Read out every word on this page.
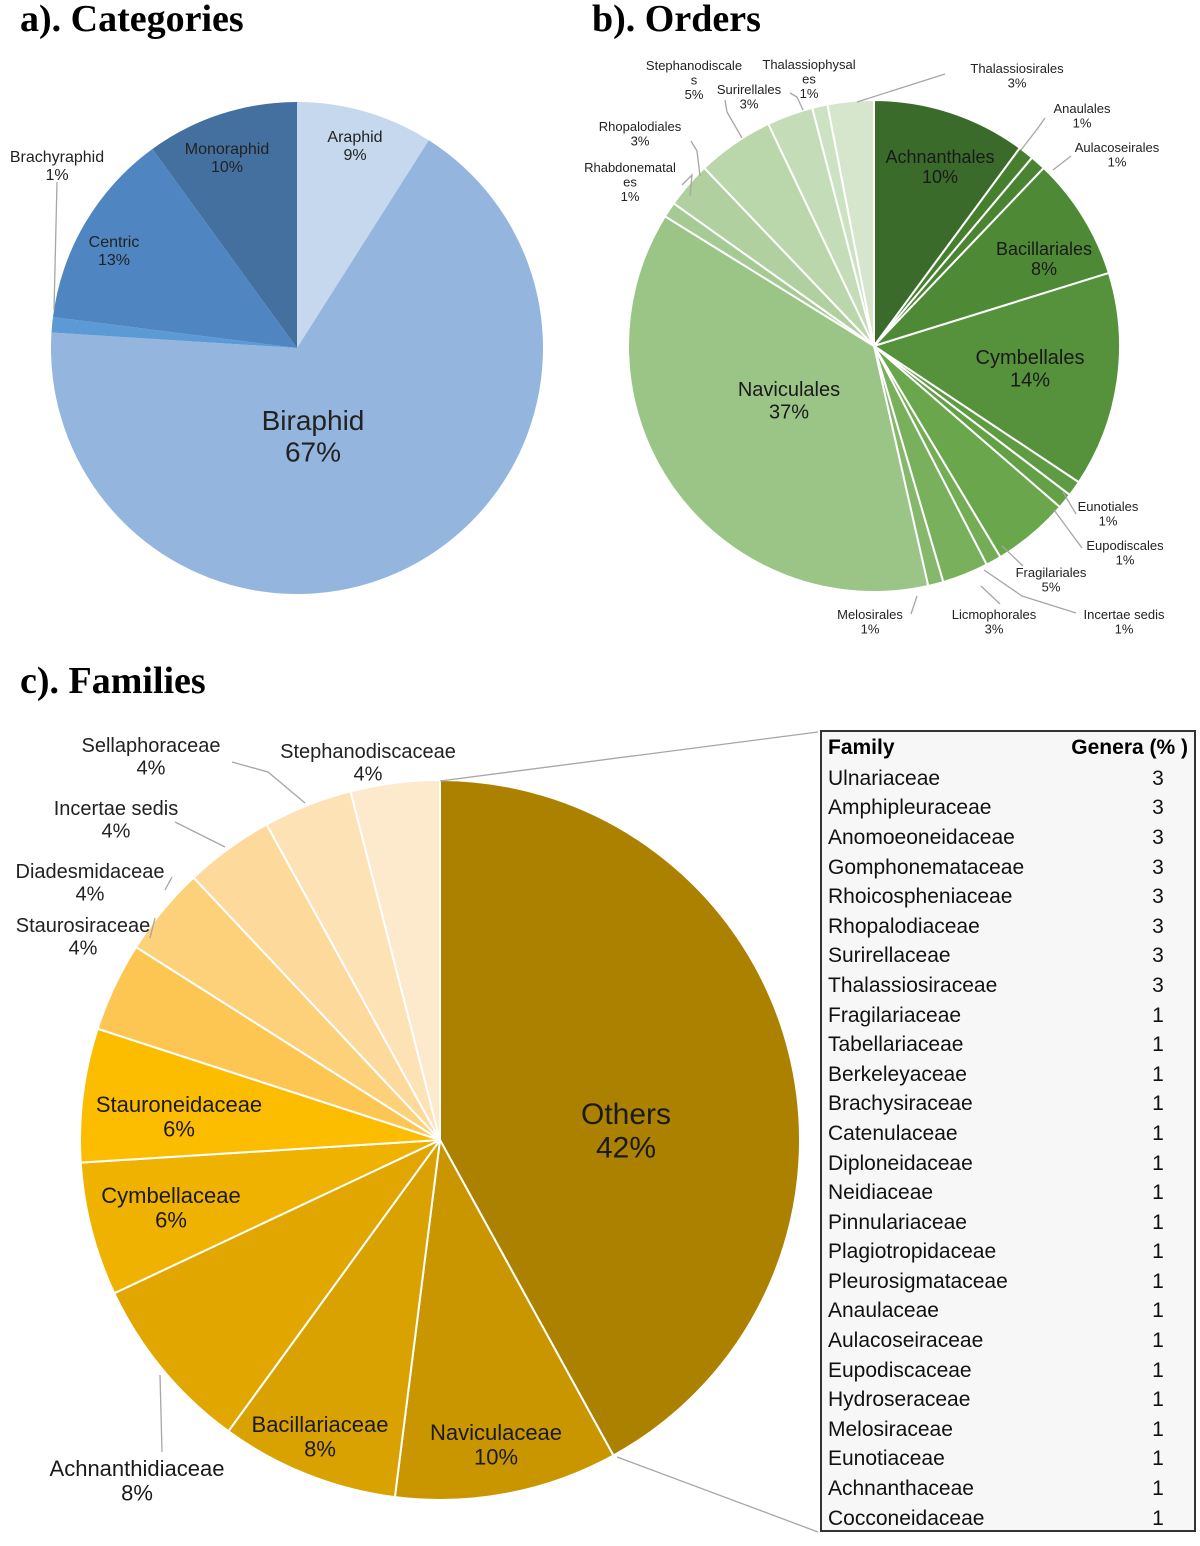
a). Categories	b). Orders
c). Families
Araphid 9%
Biraphid 67%
Brachyraphid 1%
Centric 13%
Monoraphid 10%
Achnanthales 10%
Anaulales 1%
Aulacoseirales 1%
Bacillariales 8%
Cymbellales 14%
Eunotiales 1%
Eupodiscales 1%
Fragilariales 5%
Incertae sedis 1%
Licmophorales 3%
Melosirales 1%
Naviculales 37%
Rhabdonematal es 1%
Rhopalodiales 3%
Stephanodiscale s 5%	Surirellales 3%
Thalassiophysal es 1%
Thalassiosirales 3%
Others 42%
Naviculaceae 10%
Bacillariaceae 8%
Achnanthidiaceae 8%
Cymbellaceae 6%
Stauroneidaceae 6%
Staurosiraceae 4%
Diadesmidaceae 4%
Incertae sedis 4%
Sellaphoraceae 4%
Stephanodiscaceae 4%
Family	Genera (% )
Ulnariaceae	3
Amphipleuraceae	3
Anomoeoneidaceae	3
Gomphonemataceae	3
Rhoicospheniaceae	3
Rhopalodiaceae	3
Surirellaceae	3
Thalassiosiraceae	3
Fragilariaceae	1
Tabellariaceae	1
Berkeleyaceae	1
Brachysiraceae	1
Catenulaceae	1
Diploneidaceae	1
Neidiaceae	1
Pinnulariaceae	1
Plagiotropidaceae	1
Pleurosigmataceae	1
Anaulaceae	1
Aulacoseiraceae	1
Eupodiscaceae	1
Hydroseraceae	1
Melosiraceae	1
Eunotiaceae	1
Achnanthaceae	1
Cocconeidaceae	1
